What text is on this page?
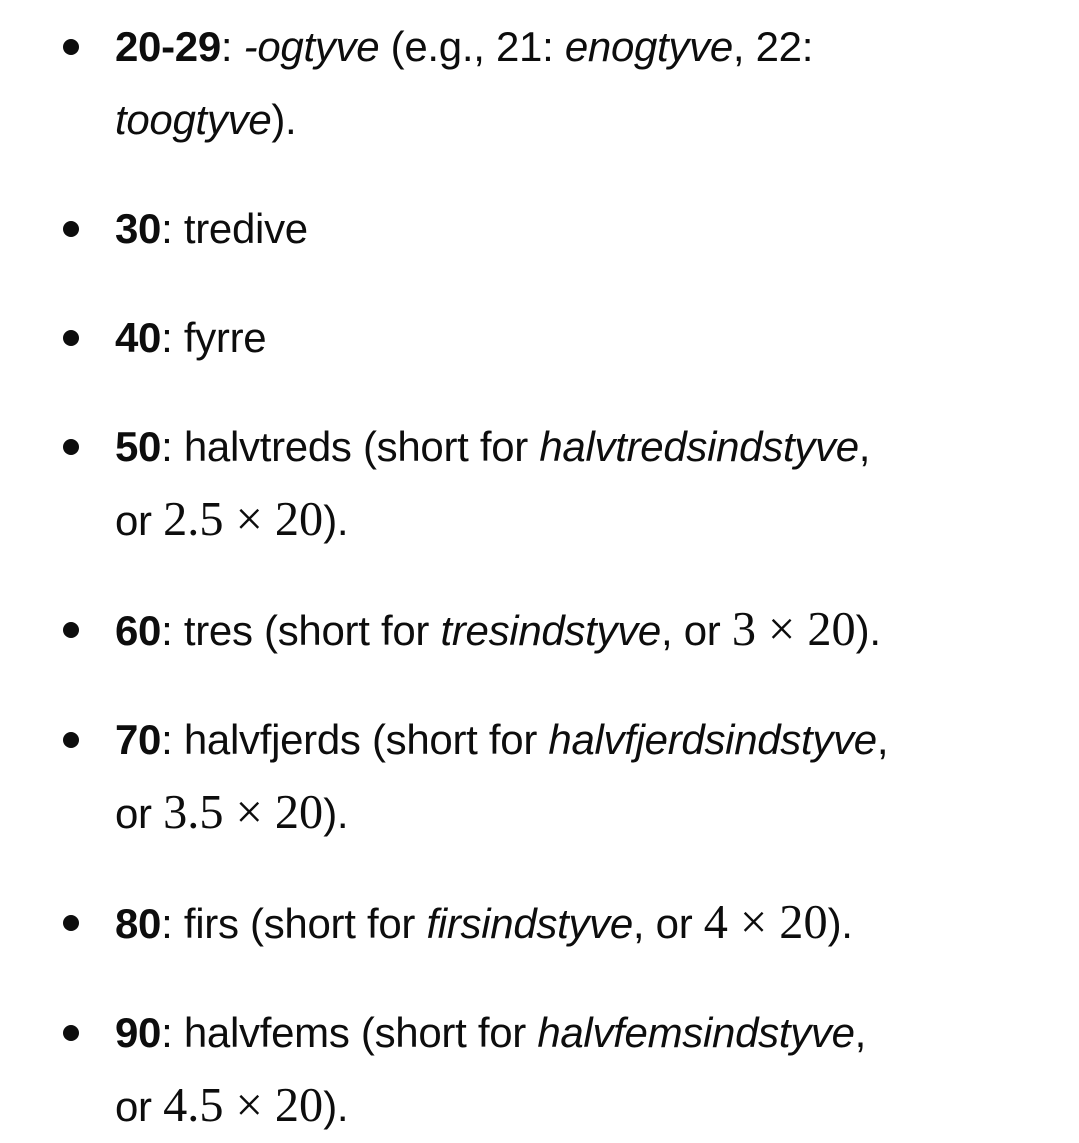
20-29: -ogtyve (e.g., 21: enogtyve, 22:
toogtyve).
30: tredive
40: fyrre
50: halvtreds (short for halvtredsindstyve,
or 2.5 × 20).
60: tres (short for tresindstyve, or 3 × 20).
70: halvfjerds (short for halvfjerdsindstyve,
or 3.5 × 20).
80: firs (short for firsindstyve, or 4 × 20).
90: halvfems (short for halvfemsindstyve,
or 4.5 × 20).
